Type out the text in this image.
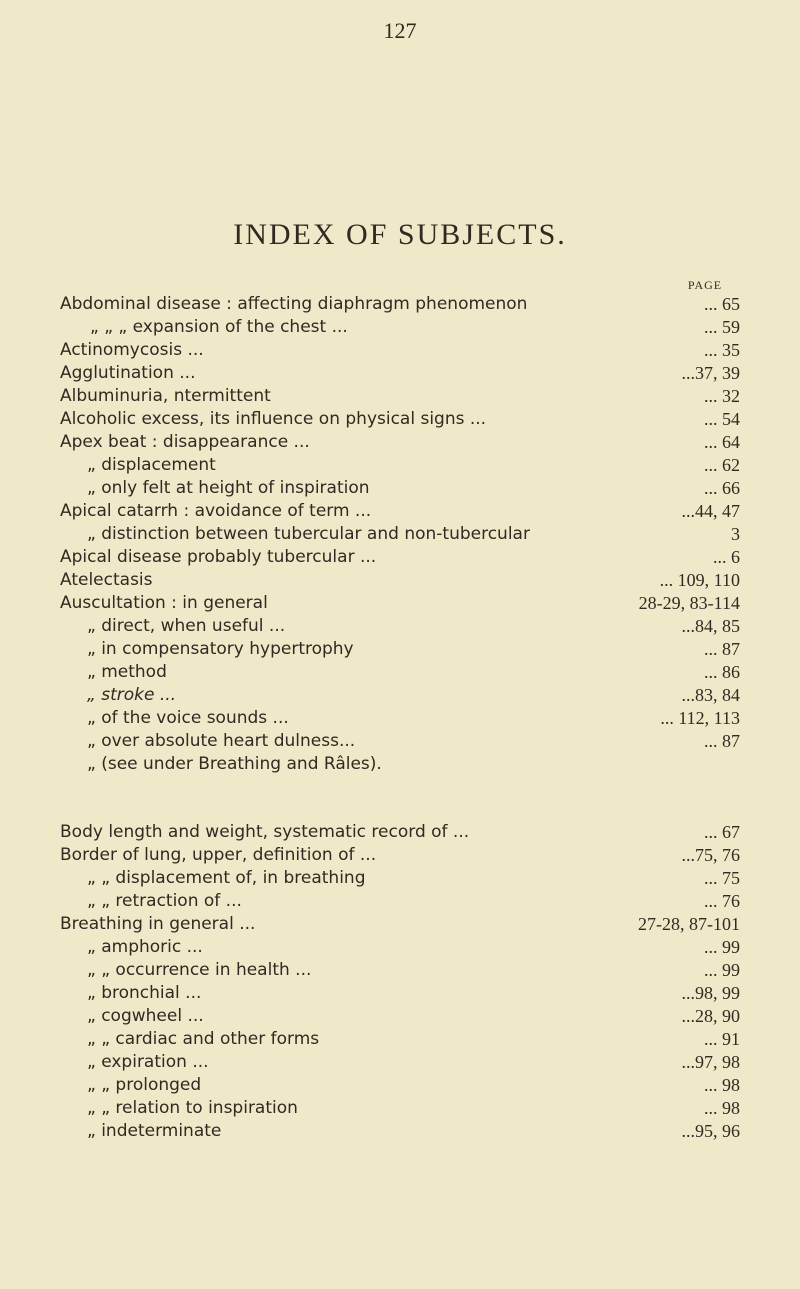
127
INDEX OF SUBJECTS.
PAGE
Abdominal disease : affecting diaphragm phenomenon	... 65
„ „ „ expansion of the chest ...	... 59
Actinomycosis ...	... 35
Agglutination ...	...37, 39
Albuminuria, ntermittent	... 32
Alcoholic excess, its influence on physical signs ...	... 54
Apex beat : disappearance ...	... 64
„ displacement	... 62
„ only felt at height of inspiration	... 66
Apical catarrh : avoidance of term ...	...44, 47
„ distinction between tubercular and non-tubercular	3
Apical disease probably tubercular ...	... 6
Atelectasis	... 109, 110
Auscultation : in general	28-29, 83-114
„ direct, when useful ...	...84, 85
„ in compensatory hypertrophy	... 87
„ method	... 86
„ stroke ...	...83, 84
„ of the voice sounds ...	... 112, 113
„ over absolute heart dulness...	... 87
„ (see under Breathing and Râles).
Body length and weight, systematic record of ...	... 67
Border of lung, upper, definition of ...	...75, 76
„ „ displacement of, in breathing	... 75
„ „ retraction of ...	... 76
Breathing in general ...	27-28, 87-101
„ amphoric ...	... 99
„ „ occurrence in health ...	... 99
„ bronchial ...	...98, 99
„ cogwheel ...	...28, 90
„ „ cardiac and other forms	... 91
„ expiration ...	...97, 98
„ „ prolonged	... 98
„ „ relation to inspiration	... 98
„ indeterminate	...95, 96
